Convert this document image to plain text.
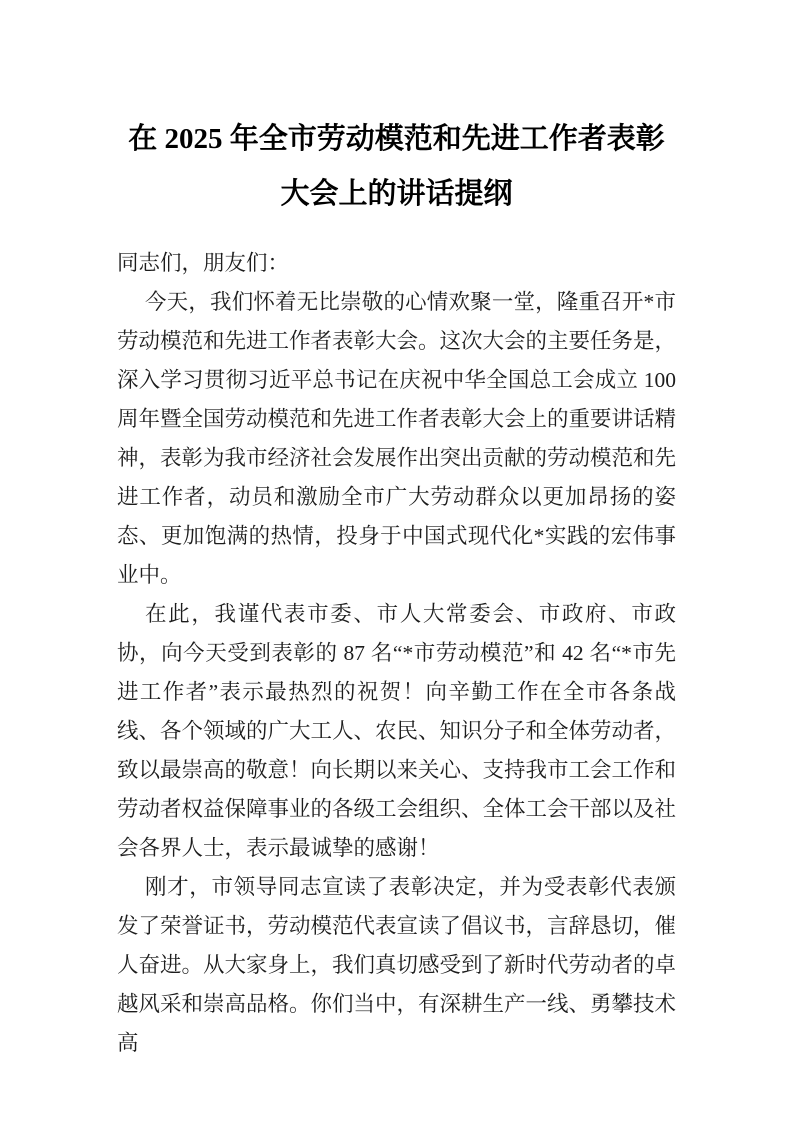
在 2025 年全市劳动模范和先进工作者表彰
大会上的讲话提纲

同志们，朋友们：

今天，我们怀着无比崇敬的心情欢聚一堂，隆重召开*市劳动模范和先进工作者表彰大会。这次大会的主要任务是，深入学习贯彻习近平总书记在庆祝中华全国总工会成立 100 周年暨全国劳动模范和先进工作者表彰大会上的重要讲话精神，表彰为我市经济社会发展作出突出贡献的劳动模范和先进工作者，动员和激励全市广大劳动群众以更加昂扬的姿态、更加饱满的热情，投身于中国式现代化*实践的宏伟事业中。

在此，我谨代表市委、市人大常委会、市政府、市政协，向今天受到表彰的 87 名“*市劳动模范”和 42 名“*市先进工作者”表示最热烈的祝贺！向辛勤工作在全市各条战线、各个领域的广大工人、农民、知识分子和全体劳动者，致以最崇高的敬意！向长期以来关心、支持我市工会工作和劳动者权益保障事业的各级工会组织、全体工会干部以及社会各界人士，表示最诚挚的感谢！

刚才，市领导同志宣读了表彰决定，并为受表彰代表颁发了荣誉证书，劳动模范代表宣读了倡议书，言辞恳切，催人奋进。从大家身上，我们真切感受到了新时代劳动者的卓越风采和崇高品格。你们当中，有深耕生产一线、勇攀技术高
